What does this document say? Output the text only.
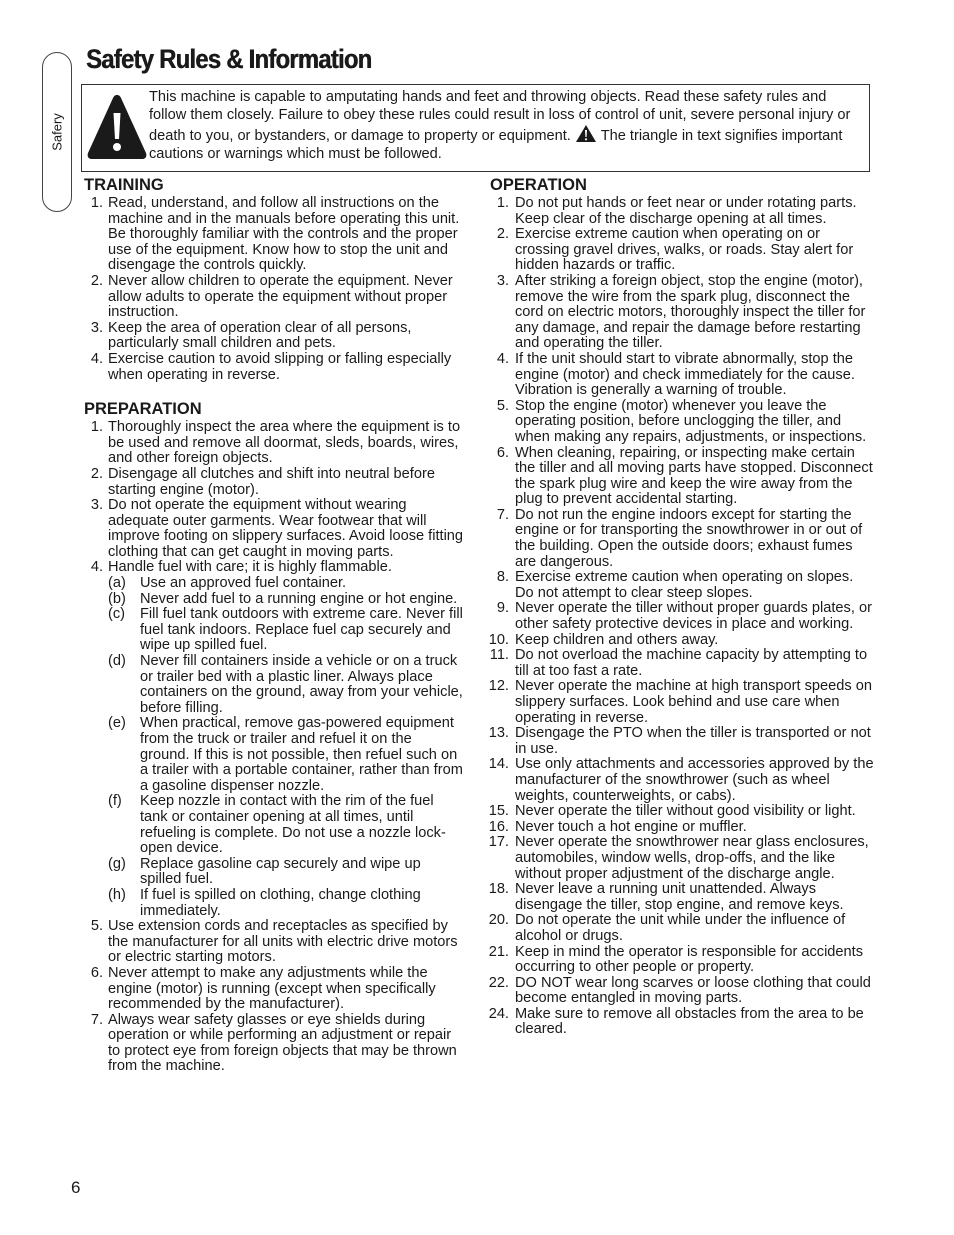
Safery
Safety Rules & Information

This machine is capable to amputating hands and feet and throwing objects. Read these safety rules and follow them closely. Failure to obey these rules could result in loss of control of unit, severe personal injury or death to you, or bystanders, or damage to property or equipment.  The triangle in text signifies important cautions or warnings which must be followed.

TRAINING
1. Read, understand, and follow all instructions on the machine and in the manuals before operating this unit. Be thoroughly familiar with the controls and the proper use of the equipment. Know how to stop the unit and disengage the controls quickly.
2. Never allow children to operate the equipment. Never allow adults to operate the equipment without proper instruction.
3. Keep the area of operation clear of all persons, particularly small children and pets.
4. Exercise caution to avoid slipping or falling especially when operating in reverse.
PREPARATION
1. Thoroughly inspect the area where the equipment is to be used and remove all doormat, sleds, boards, wires, and other foreign objects.
2. Disengage all clutches and shift into neutral before starting engine (motor).
3. Do not operate the equipment without wearing adequate outer garments. Wear footwear that will improve footing on slippery surfaces. Avoid loose fitting clothing that can get caught in moving parts.
4. Handle fuel with care; it is highly flammable.
(a) Use an approved fuel container.
(b) Never add fuel to a running engine or hot engine.
(c) Fill fuel tank outdoors with extreme care. Never fill fuel tank indoors. Replace fuel cap securely and wipe up spilled fuel.
(d) Never fill containers inside a vehicle or on a truck or trailer bed with a plastic liner. Always place containers on the ground, away from your vehicle, before filling.
(e) When practical, remove gas-powered equipment from the truck or trailer and refuel it on the ground. If this is not possible, then refuel such on a trailer with a portable container, rather than from a gasoline dispenser nozzle.
(f) Keep nozzle in contact with the rim of the fuel tank or container opening at all times, until refueling is complete. Do not use a nozzle lock-open device.
(g) Replace gasoline cap securely and wipe up spilled fuel.
(h) If fuel is spilled on clothing, change clothing immediately.
5. Use extension cords and receptacles as specified by the manufacturer for all units with electric drive motors or electric starting motors.
6. Never attempt to make any adjustments while the engine (motor) is running (except when specifically recommended by the manufacturer).
7. Always wear safety glasses or eye shields during operation or while performing an adjustment or repair to protect eye from foreign objects that may be thrown from the machine.
OPERATION
1. Do not put hands or feet near or under rotating parts. Keep clear of the discharge opening at all times.
2. Exercise extreme caution when operating on or crossing gravel drives, walks, or roads. Stay alert for hidden hazards or traffic.
3. After striking a foreign object, stop the engine (motor), remove the wire from the spark plug, disconnect the cord on electric motors, thoroughly inspect the tiller for any damage, and repair the damage before restarting and operating the tiller.
4. If the unit should start to vibrate abnormally, stop the engine (motor) and check immediately for the cause. Vibration is generally a warning of trouble.
5. Stop the engine (motor) whenever you leave the operating position, before unclogging the tiller, and when making any repairs, adjustments, or inspections.
6. When cleaning, repairing, or inspecting make certain the tiller and all moving parts have stopped. Disconnect the spark plug wire and keep the wire away from the plug to prevent accidental starting.
7. Do not run the engine indoors except for starting the engine or for transporting the snowthrower in or out of the building. Open the outside doors; exhaust fumes are dangerous.
8. Exercise extreme caution when operating on slopes. Do not attempt to clear steep slopes.
9. Never operate the tiller without proper guards plates, or other safety protective devices in place and working.
10. Keep children and others away.
11. Do not overload the machine capacity by attempting to till at too fast a rate.
12. Never operate the machine at high transport speeds on slippery surfaces. Look behind and use care when operating in reverse.
13. Disengage the PTO when the tiller is transported or not in use.
14. Use only attachments and accessories approved by the manufacturer of the snowthrower (such as wheel weights, counterweights, or cabs).
15. Never operate the tiller without good visibility or light.
16. Never touch a hot engine or muffler.
17. Never operate the snowthrower near glass enclosures, automobiles, window wells, drop-offs, and the like without proper adjustment of the discharge angle.
18. Never leave a running unit unattended. Always disengage the tiller, stop engine, and remove keys.
20. Do not operate the unit while under the influence of alcohol or drugs.
21. Keep in mind the operator is responsible for accidents occurring to other people or property.
22. DO NOT wear long scarves or loose clothing that could become entangled in moving parts.
24. Make sure to remove all obstacles from the area to be cleared.
6
